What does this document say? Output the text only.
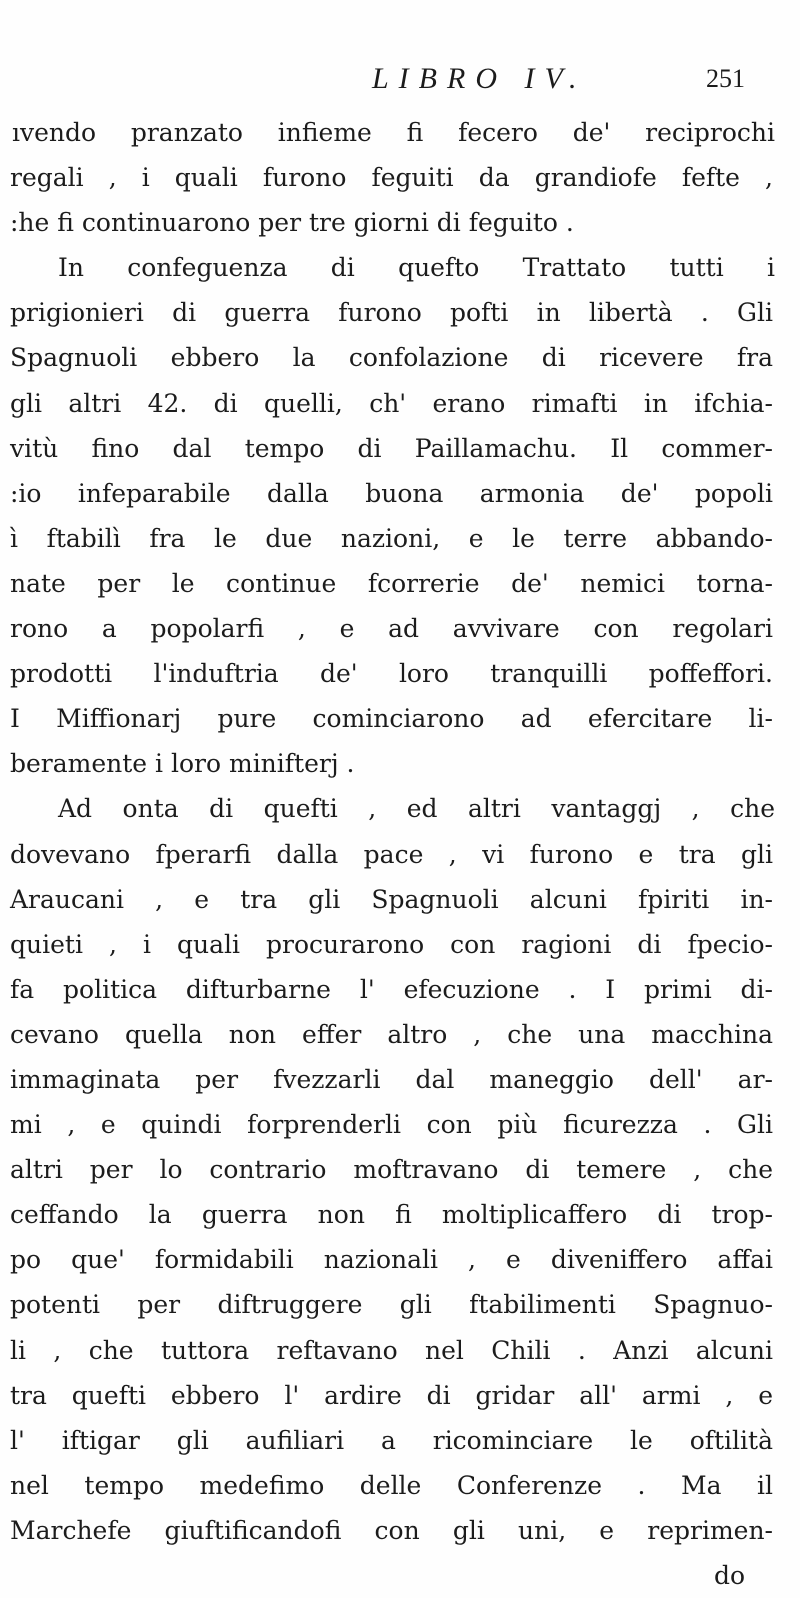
LIBRO IV.	251
ıvendo pranzato infieme fi fecero de' reciprochi
regali , i quali furono feguiti da grandiofe fefte ,
:he fi continuarono per tre giorni di feguito .
In confeguenza di quefto Trattato tutti i
prigionieri di guerra furono pofti in libertà . Gli
Spagnuoli ebbero la confolazione di ricevere fra
gli altri 42. di quelli, ch' erano rimafti in ifchia-
vitù fino dal tempo di Paillamachu. Il commer-
:io infeparabile dalla buona armonia de' popoli
ì ftabilì fra le due nazioni, e le terre abbando-
nate per le continue fcorrerie de' nemici torna-
rono a popolarfi , e ad avvivare con regolari
prodotti l'induftria de' loro tranquilli poffeffori.
I Miffionarj pure cominciarono ad efercitare li-
beramente i loro minifterj .
Ad onta di quefti , ed altri vantaggj , che
dovevano fperarfi dalla pace , vi furono e tra gli
Araucani , e tra gli Spagnuoli alcuni fpiriti in-
quieti , i quali procurarono con ragioni di fpecio-
fa politica difturbarne l' efecuzione . I primi di-
cevano quella non effer altro , che una macchina
immaginata per fvezzarli dal maneggio dell' ar-
mi , e quindi forprenderli con più ficurezza . Gli
altri per lo contrario moftravano di temere , che
ceffando la guerra non fi moltiplicaffero di trop-
po que' formidabili nazionali , e diveniffero affai
potenti per diftruggere gli ftabilimenti Spagnuo-
li , che tuttora reftavano nel Chili . Anzi alcuni
tra quefti ebbero l' ardire di gridar all' armi , e
l' iftigar gli aufiliari a ricominciare le oftilità
nel tempo medefimo delle Conferenze . Ma il
Marchefe giuftificandofi con gli uni, e reprimen-
do
